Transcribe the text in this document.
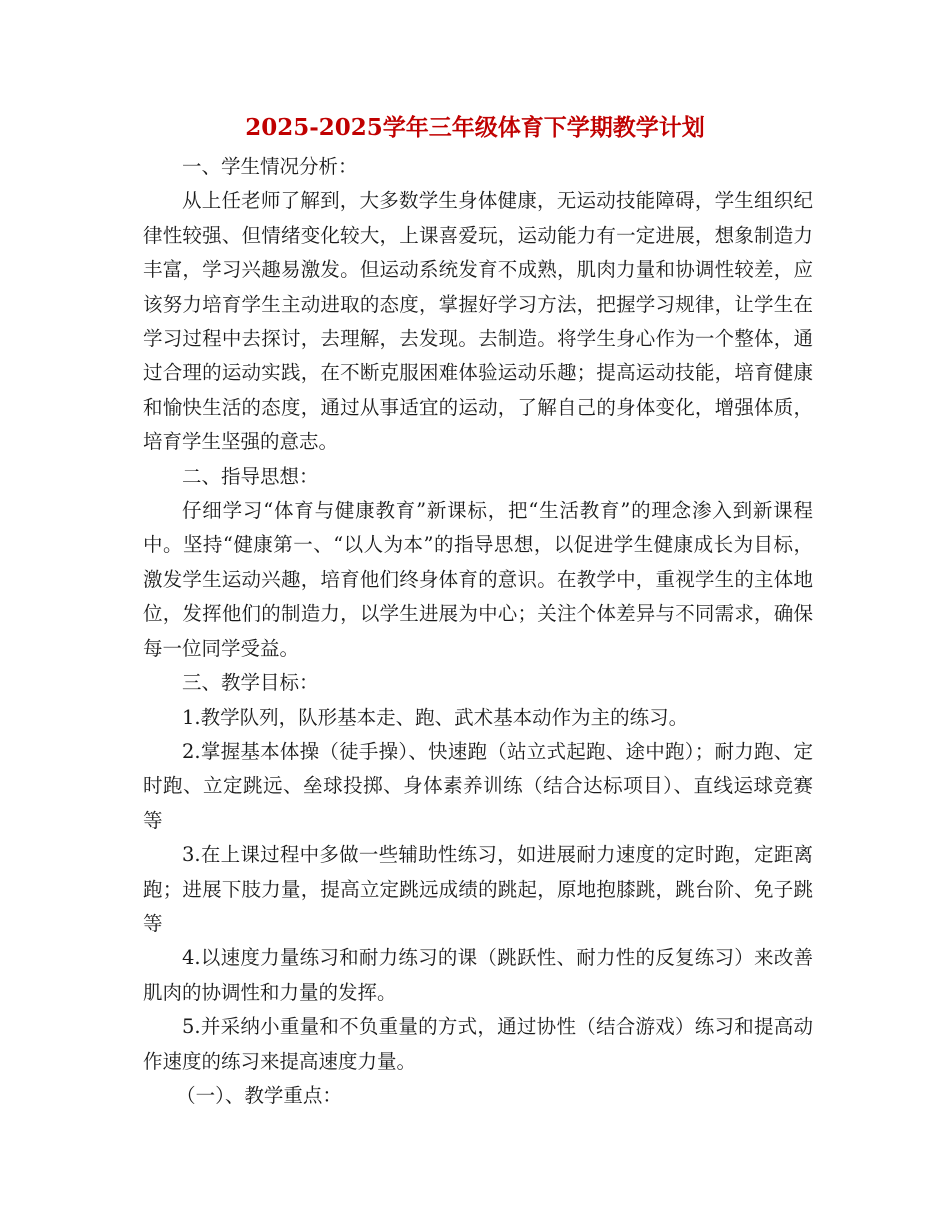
2025-2025学年三年级体育下学期教学计划

一、学生情况分析：

从上任老师了解到，大多数学生身体健康，无运动技能障碍，学生组织纪律性较强、但情绪变化较大，上课喜爱玩，运动能力有一定进展，想象制造力丰富，学习兴趣易激发。但运动系统发育不成熟，肌肉力量和协调性较差，应该努力培育学生主动进取的态度，掌握好学习方法，把握学习规律，让学生在学习过程中去探讨，去理解，去发现。去制造。将学生身心作为一个整体，通过合理的运动实践，在不断克服困难体验运动乐趣；提高运动技能，培育健康和愉快生活的态度，通过从事适宜的运动，了解自己的身体变化，增强体质，培育学生坚强的意志。

二、指导思想：

仔细学习“体育与健康教育”新课标，把“生活教育”的理念渗入到新课程中。坚持“健康第一、“以人为本”的指导思想，以促进学生健康成长为目标，激发学生运动兴趣，培育他们终身体育的意识。在教学中，重视学生的主体地位，发挥他们的制造力，以学生进展为中心；关注个体差异与不同需求，确保每一位同学受益。

三、教学目标：

1.教学队列，队形基本走、跑、武术基本动作为主的练习。

2.掌握基本体操（徒手操）、快速跑（站立式起跑、途中跑）；耐力跑、定时跑、立定跳远、垒球投掷、身体素养训练（结合达标项目）、直线运球竞赛等

3.在上课过程中多做一些辅助性练习，如进展耐力速度的定时跑，定距离跑；进展下肢力量，提高立定跳远成绩的跳起，原地抱膝跳，跳台阶、免子跳等

4.以速度力量练习和耐力练习的课（跳跃性、耐力性的反复练习）来改善肌肉的协调性和力量的发挥。

5.并采纳小重量和不负重量的方式，通过协性（结合游戏）练习和提高动作速度的练习来提高速度力量。

（一）、教学重点：
